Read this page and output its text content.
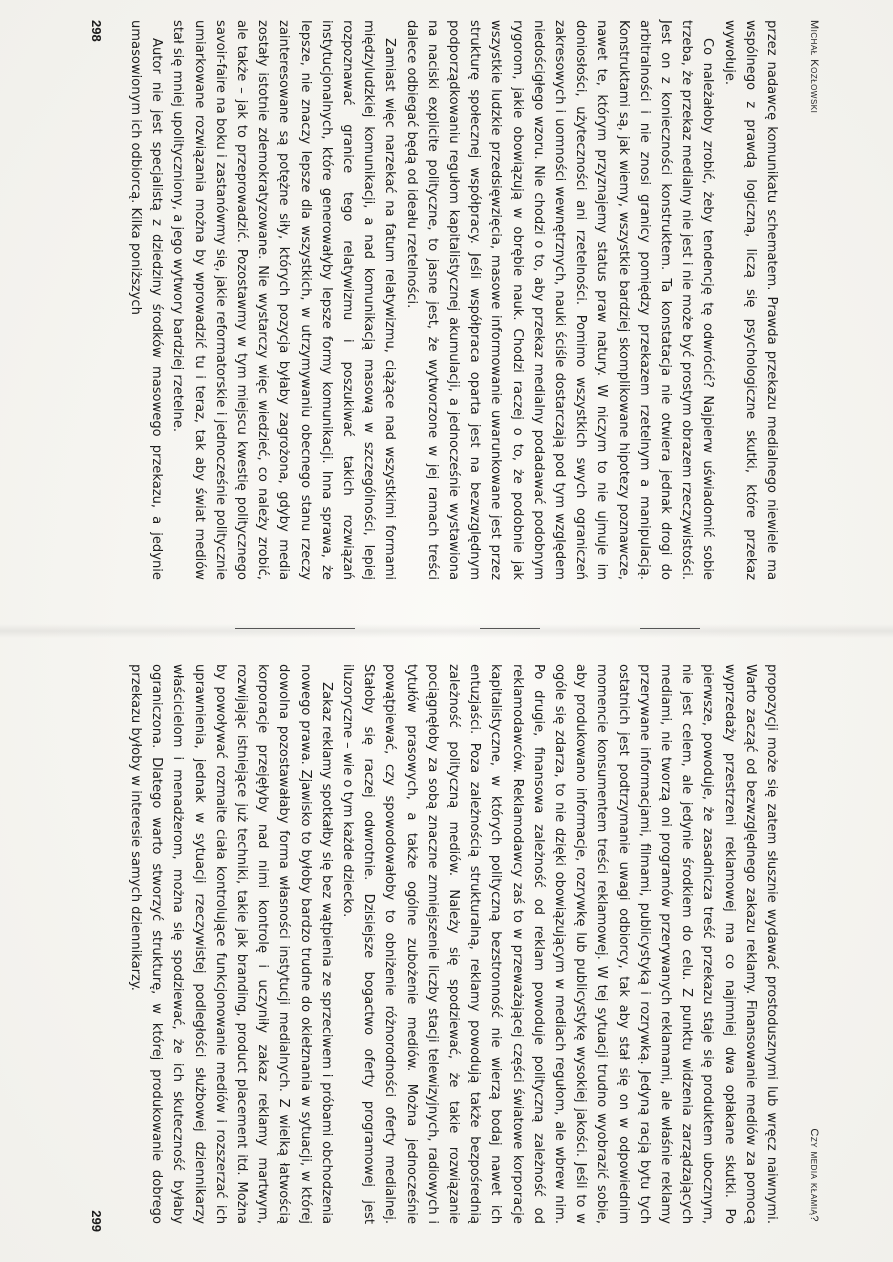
Michał Kozłowski

przez nadawcę komunikatu schematem. Prawda przekazu medialnego niewiele ma wspólnego z prawdą logiczną, liczą się psychologiczne skutki, które przekaz wywołuje.

Co należałoby zrobić, żeby tendencję tę odwrócić? Najpierw uświadomić sobie trzeba, że przekaz medialny nie jest i nie może być prostym obrazem rzeczywistości. Jest on z konieczności konstruktem. Ta konstatacja nie otwiera jednak drogi do arbitralności i nie znosi granicy pomiędzy przekazem rzetelnym a manipulacją. Konstruktami są, jak wiemy, wszystkie bardziej skomplikowane hipotezy poznawcze, nawet te, którym przyznajemy status praw natury. W niczym to nie ujmuje im doniosłości, użyteczności ani rzetelności. Pomimo wszystkich swych ograniczeń zakresowych i uomności wewnętrznych, nauki ściśle dostarczają pod tym względem niedościgłego wzoru. Nie chodzi o to, aby przekaz medialny podadawać podobnym rygorom, jakie obowiązują w obrębie nauk. Chodzi raczej o to, że podobnie jak wszystkie ludzkie przedsięwzięcia, masowe informowanie uwarunkowane jest przez strukturę społecznej współpracy. Jeśli współpraca oparta jest na bezwzględnym podporządkowaniu regułom kapitalistycznej akumulacji, a jednocześnie wystawiona na naciski explicite polityczne, to jasne jest, że wytworzone w jej ramach treści dalece odbiegać będą od ideału rzetelności.

Zamiast więc narzekać na fatum relatywizmu, ciążące nad wszystkimi formami międzyludzkiej komunikacji, a nad komunikacją masową w szczególności, lepiej rozpoznawać granice tego relatywizmu i poszukiwać takich rozwiązań instytucjonalnych, które generowałyby lepsze formy komunikacji. Inna sprawa, że lepsze, nie znaczy lepsze dla wszystkich, w utrzymywaniu obecnego stanu rzeczy zainteresowane są potężne siły, których pozycja byłaby zagrożona, gdyby media zostały istotnie zdemokratyzowane. Nie wystarczy więc wiedzieć, co należy zrobić, ale także – jak to przeprowadzić. Pozostawmy w tym miejscu kwestię politycznego savoir-faire na boku i zastanówmy się, jakie reformatorskie i jednocześnie politycznie umiarkowane rozwiązania można by wprowadzić tu i teraz, tak aby świat mediów stał się mniej upolityczniony, a jego wytwory bardziej rzetelne.

Autor nie jest specjalistą z dziedziny środków masowego przekazu, a jedynie umasowionym ich odbiorcą. Kilka poniższych

298
Czy media kłamią?

propozycji może się zatem słusznie wydawać prostodusznymi lub wręcz naiwnymi. Warto zacząć od bezwzględnego zakazu reklamy. Finansowanie mediów za pomocą wyprzedaży przestrzeni reklamowej ma co najmniej dwa opłakane skutki. Po pierwsze, powoduje, że zasadnicza treść przekazu staje się produktem ubocznym, nie jest celem, ale jedynie środkiem do celu. Z punktu widzenia zarządzających mediami, nie tworzą oni programów przerywanych reklamami, ale właśnie reklamy przerywane informacjami, filmami, publicystyką i rozrywką. Jedyną racją bytu tych ostatnich jest podtrzymanie uwagi odbiorcy, tak aby stał się on w odpowiednim momencie konsumentem treści reklamowej. W tej sytuacji trudno wyobrazić sobie, aby produkowano informacje, rozrywkę lub publicystykę wysokiej jakości. Jeśli to w ogóle się zdarza, to nie dzięki obowiązującym w mediach regułom, ale wbrew nim. Po drugie, finansowa zależność od reklam powoduje polityczną zależność od reklamodawców. Reklamodawcy zaś to w przeważającej części światowe korporacje kapitalistyczne, w których polityczną bezstronność nie wierzą bodaj nawet ich entuzjaści. Poza zależnością strukturalną, reklamy powodują także bezpośrednią zależność polityczną mediów. Należy się spodziewać, że takie rozwiązanie pociągnęłoby za sobą znaczne zmniejszenie liczby stacji telewizyjnych, radiowych i tytułów prasowych, a także ogólne zubożenie mediów. Można jednocześnie powątpiewać, czy spowodowałoby to obniżenie różnorodności oferty medialnej. Stałoby się raczej odwrotnie. Dzisiejsze bogactwo oferty programowej jest iluzoryczne – wie o tym każde dziecko.

Zakaz reklamy spotkałby się bez wątpienia ze sprzeciwem i próbami obchodzenia nowego prawa. Zjawisko to byłoby bardzo trudne do okiełznania w sytuacji, w której dowolna pozostawałaby forma własności instytucji medialnych. Z wielką łatwością korporacje przejęłyby nad nimi kontrolę i uczyniły zakaz reklamy martwym, rozwijając istniejące już techniki, takie jak branding, product placement itd. Można by powoływać rozmaite ciała kontrolujące funkcjonowanie mediów i rozszerzać ich uprawnienia, jednak w sytuacji rzeczywistej podległości służbowej dziennikarzy właścicielom i menadżerom, można się spodziewać, że ich skuteczność byłaby ograniczona. Dlatego warto stworzyć strukturę, w której produkowanie dobrego przekazu byłoby w interesie samych dziennikarzy.

299
